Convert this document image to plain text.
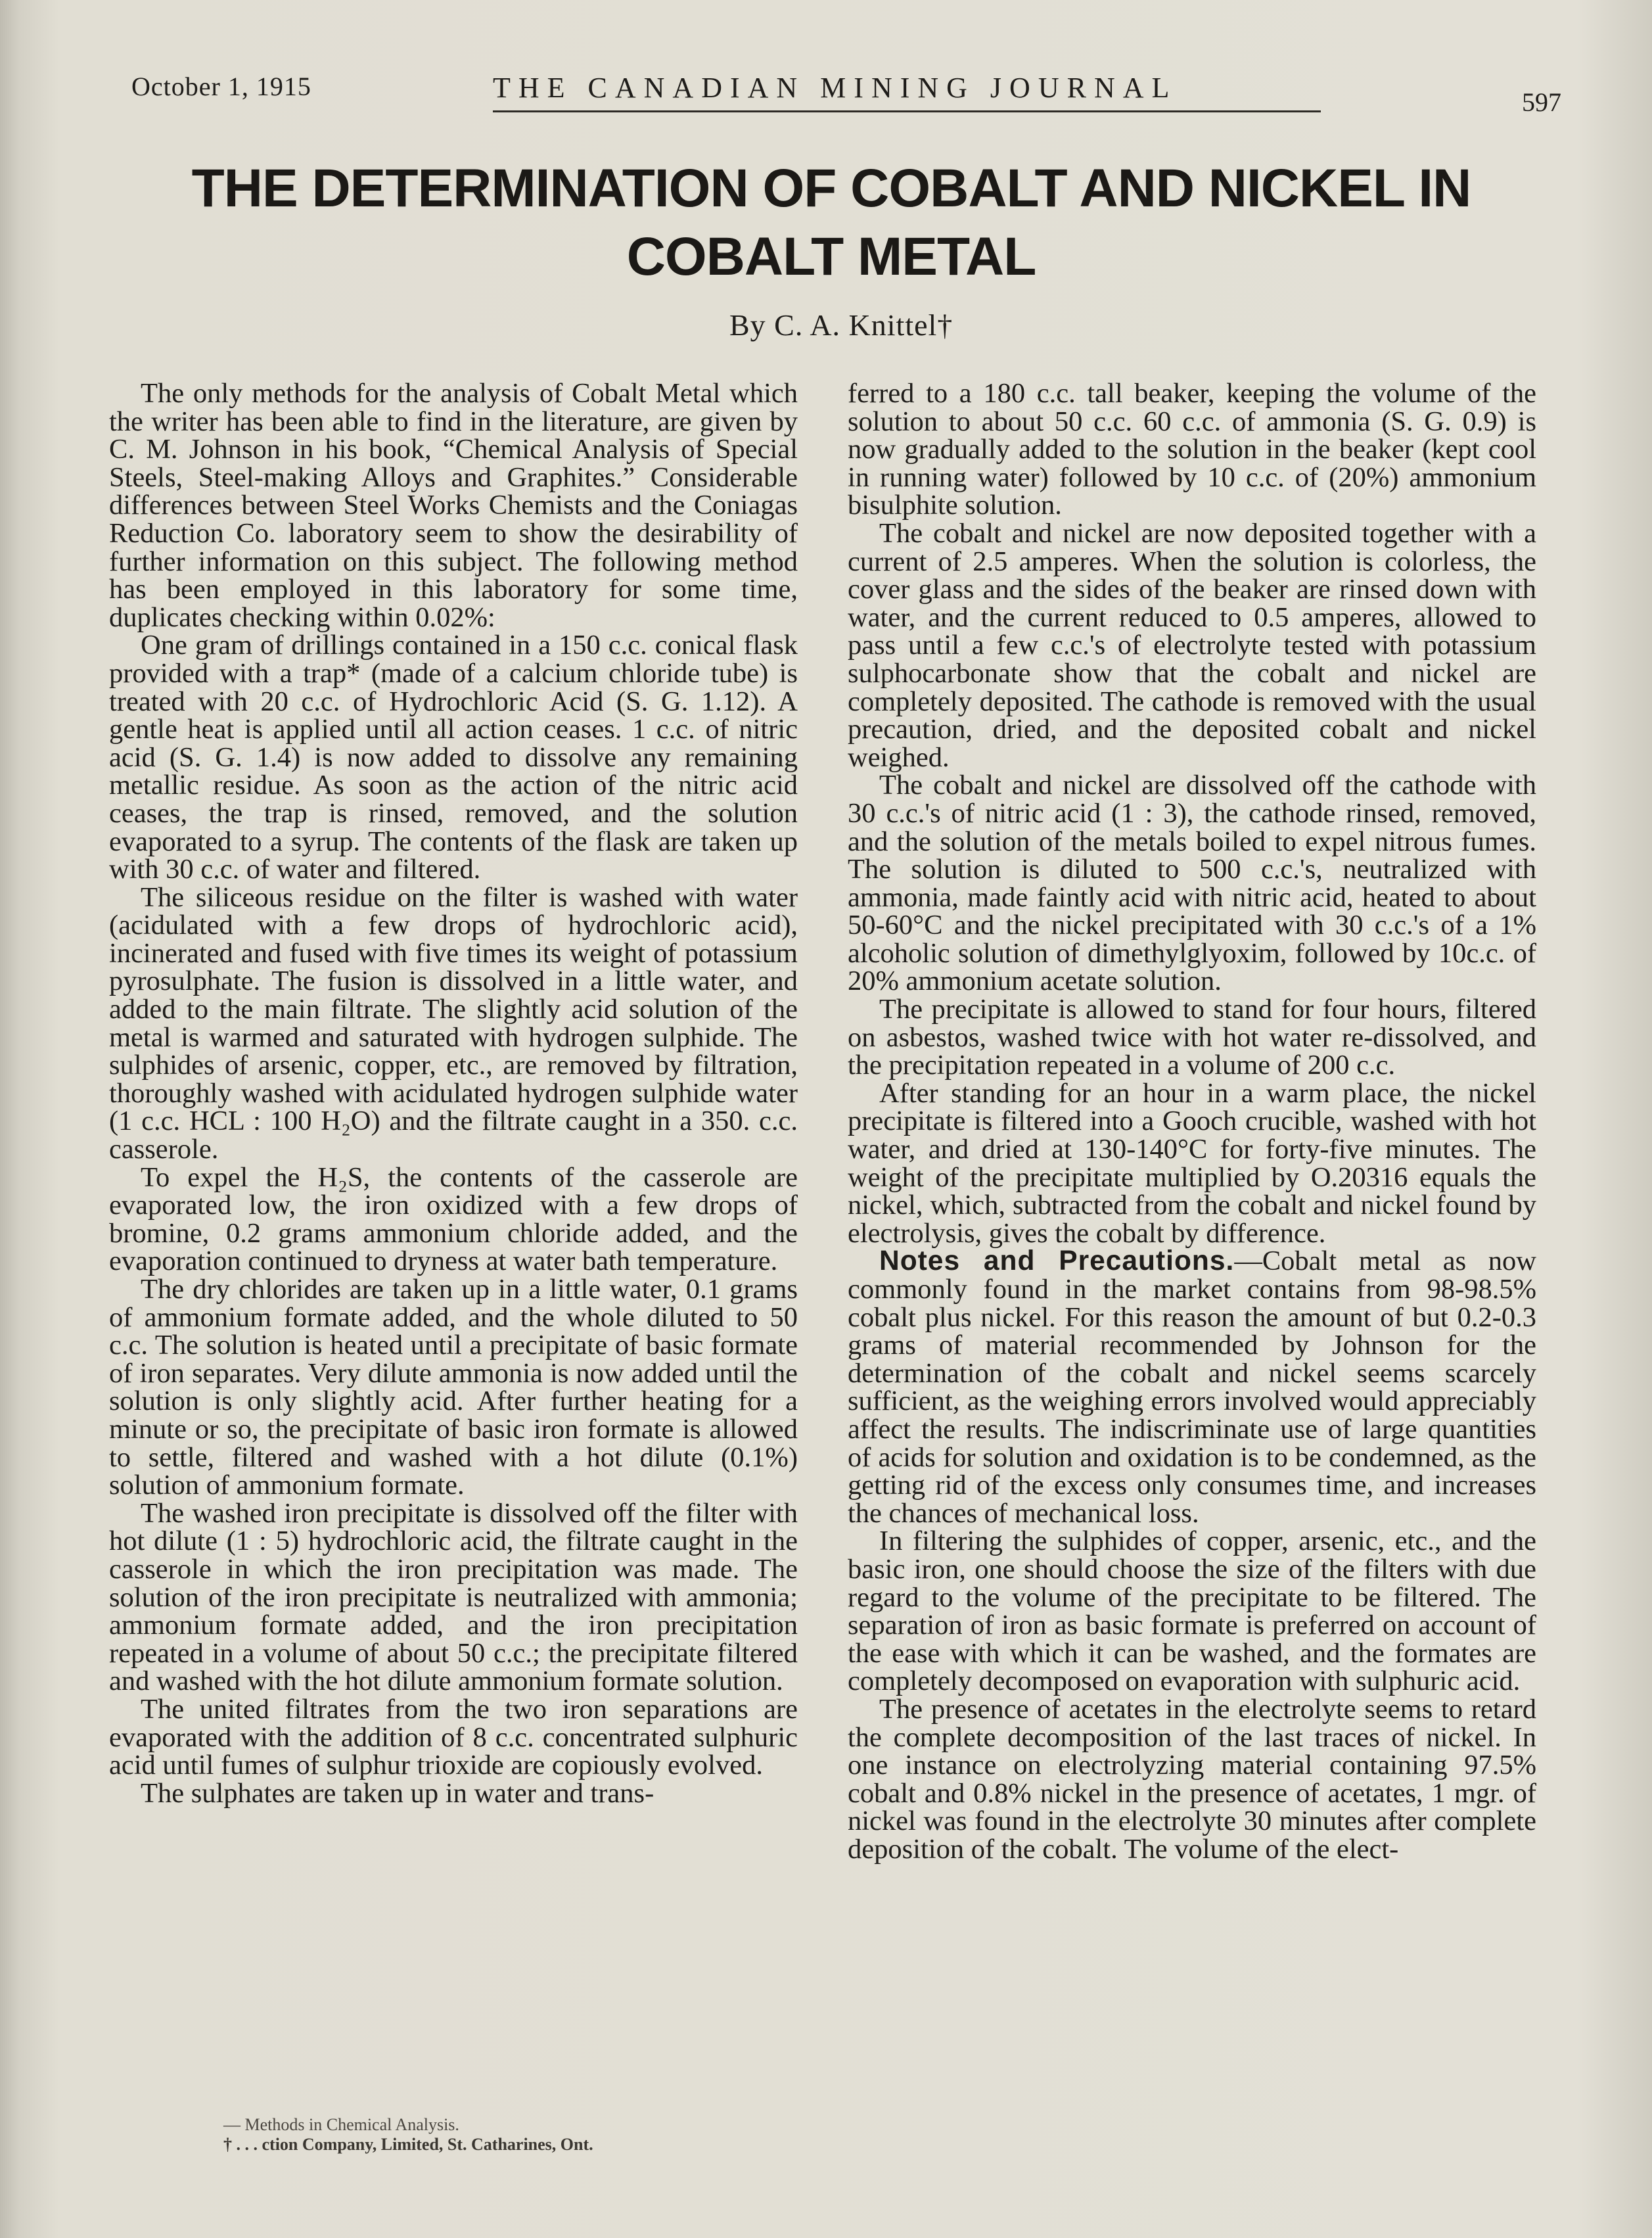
October 1, 1915	THE CANADIAN MINING JOURNAL	597
THE DETERMINATION OF COBALT AND NICKEL IN
COBALT METAL
By C. A. Knittel†

The only methods for the analysis of Cobalt Metal which the writer has been able to find in the literature, are given by C. M. Johnson in his book, “Chemical Analysis of Special Steels, Steel-making Alloys and Graphites.” Considerable differences between Steel Works Chemists and the Coniagas Reduction Co. laboratory seem to show the desirability of further information on this subject. The following method has been employed in this laboratory for some time, duplicates checking within 0.02%:

One gram of drillings contained in a 150 c.c. conical flask provided with a trap* (made of a calcium chloride tube) is treated with 20 c.c. of Hydrochloric Acid (S. G. 1.12). A gentle heat is applied until all action ceases. 1 c.c. of nitric acid (S. G. 1.4) is now added to dissolve any remaining metallic residue. As soon as the action of the nitric acid ceases, the trap is rinsed, removed, and the solution evaporated to a syrup. The contents of the flask are taken up with 30 c.c. of water and filtered.

The siliceous residue on the filter is washed with water (acidulated with a few drops of hydrochloric acid), incinerated and fused with five times its weight of potassium pyrosulphate. The fusion is dissolved in a little water, and added to the main filtrate. The slightly acid solution of the metal is warmed and saturated with hydrogen sulphide. The sulphides of arsenic, copper, etc., are removed by filtration, thoroughly washed with acidulated hydrogen sulphide water (1 c.c. HCL : 100 H₂O) and the filtrate caught in a 350. c.c. casserole.

To expel the H₂S, the contents of the casserole are evaporated low, the iron oxidized with a few drops of bromine, 0.2 grams ammonium chloride added, and the evaporation continued to dryness at water bath temperature.

The dry chlorides are taken up in a little water, 0.1 grams of ammonium formate added, and the whole diluted to 50 c.c. The solution is heated until a precipitate of basic formate of iron separates. Very dilute ammonia is now added until the solution is only slightly acid. After further heating for a minute or so, the precipitate of basic iron formate is allowed to settle, filtered and washed with a hot dilute (0.1%) solution of ammonium formate.

The washed iron precipitate is dissolved off the filter with hot dilute (1 : 5) hydrochloric acid, the filtrate caught in the casserole in which the iron precipitation was made. The solution of the iron precipitate is neutralized with ammonia; ammonium formate added, and the iron precipitation repeated in a volume of about 50 c.c.; the precipitate filtered and washed with the hot dilute ammonium formate solution.

The united filtrates from the two iron separations are evaporated with the addition of 8 c.c. concentrated sulphuric acid until fumes of sulphur trioxide are copiously evolved.

The sulphates are taken up in water and trans-

ferred to a 180 c.c. tall beaker, keeping the volume of the solution to about 50 c.c. 60 c.c. of ammonia (S. G. 0.9) is now gradually added to the solution in the beaker (kept cool in running water) followed by 10 c.c. of (20%) ammonium bisulphite solution.

The cobalt and nickel are now deposited together with a current of 2.5 amperes. When the solution is colorless, the cover glass and the sides of the beaker are rinsed down with water, and the current reduced to 0.5 amperes, allowed to pass until a few c.c.'s of electrolyte tested with potassium sulphocarbonate show that the cobalt and nickel are completely deposited. The cathode is removed with the usual precaution, dried, and the deposited cobalt and nickel weighed.

The cobalt and nickel are dissolved off the cathode with 30 c.c.'s of nitric acid (1 : 3), the cathode rinsed, removed, and the solution of the metals boiled to expel nitrous fumes. The solution is diluted to 500 c.c.'s, neutralized with ammonia, made faintly acid with nitric acid, heated to about 50-60°C and the nickel precipitated with 30 c.c.'s of a 1% alcoholic solution of dimethylglyoxim, followed by 10c.c. of 20% ammonium acetate solution.

The precipitate is allowed to stand for four hours, filtered on asbestos, washed twice with hot water re-dissolved, and the precipitation repeated in a volume of 200 c.c.

After standing for an hour in a warm place, the nickel precipitate is filtered into a Gooch crucible, washed with hot water, and dried at 130-140°C for forty-five minutes. The weight of the precipitate multiplied by O.20316 equals the nickel, which, subtracted from the cobalt and nickel found by electrolysis, gives the cobalt by difference.

Notes and Precautions.—Cobalt metal as now commonly found in the market contains from 98-98.5% cobalt plus nickel. For this reason the amount of but 0.2-0.3 grams of material recommended by Johnson for the determination of the cobalt and nickel seems scarcely sufficient, as the weighing errors involved would appreciably affect the results. The indiscriminate use of large quantities of acids for solution and oxidation is to be condemned, as the getting rid of the excess only consumes time, and increases the chances of mechanical loss.

In filtering the sulphides of copper, arsenic, etc., and the basic iron, one should choose the size of the filters with due regard to the volume of the precipitate to be filtered. The separation of iron as basic formate is preferred on account of the ease with which it can be washed, and the formates are completely decomposed on evaporation with sulphuric acid.

The presence of acetates in the electrolyte seems to retard the complete decomposition of the last traces of nickel. In one instance on electrolyzing material containing 97.5% cobalt and 0.8% nickel in the presence of acetates, 1 mgr. of nickel was found in the electrolyte 30 minutes after complete deposition of the cobalt. The volume of the elect-

— Methods in Chemical Analysis.
† . . . ction Company, Limited, St. Catharines, Ont.
